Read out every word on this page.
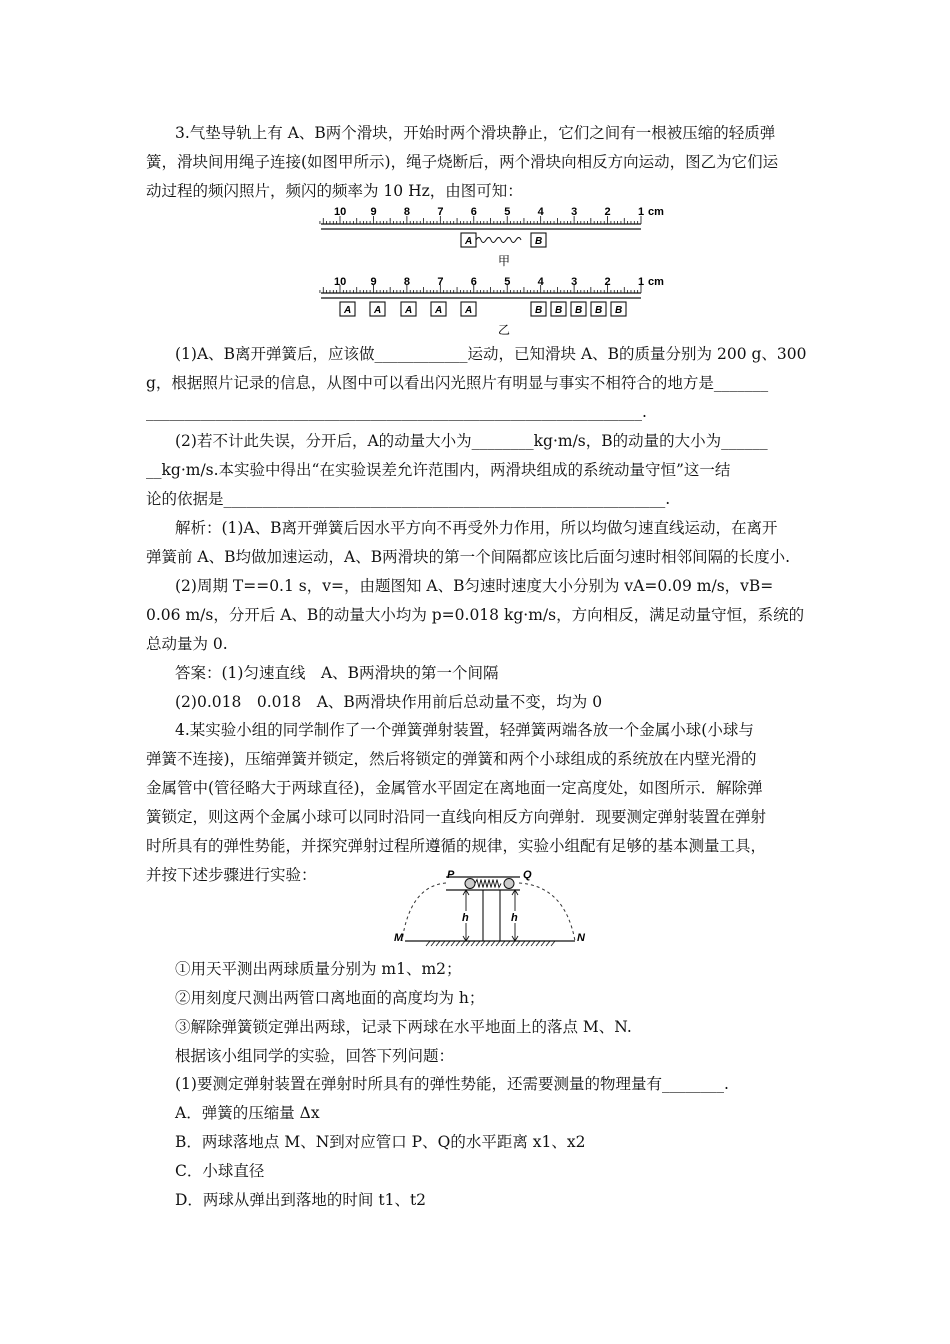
3.气垫导轨上有 A、B两个滑块，开始时两个滑块静止，它们之间有一根被压缩的轻质弹
簧，滑块间用绳子连接(如图甲所示)，绳子烧断后，两个滑块向相反方向运动，图乙为它们运
动过程的频闪照片，频闪的频率为 10 Hz，由图可知：
cm
10 9 8 7 6 5 4 3 2 1
A	B
甲
cm
10 9 8 7 6 5 4 3 2 1
A A A A A	B B B B B
乙
(1)A、B离开弹簧后，应该做____________运动，已知滑块 A、B的质量分别为 200 g、300
g，根据照片记录的信息，从图中可以看出闪光照片有明显与事实不相符合的地方是_______
________________________________________________________________.
(2)若不计此失误，分开后，A的动量大小为________kg·m/s，B的动量的大小为______
__kg·m/s.本实验中得出“在实验误差允许范围内，两滑块组成的系统动量守恒”这一结
论的依据是_________________________________________________________.
解析：(1)A、B离开弹簧后因水平方向不再受外力作用，所以均做匀速直线运动，在离开
弹簧前 A、B均做加速运动，A、B两滑块的第一个间隔都应该比后面匀速时相邻间隔的长度小.
(2)周期 T==0.1 s，v=，由题图知 A、B匀速时速度大小分别为 vA=0.09 m/s，vB=
0.06 m/s，分开后 A、B的动量大小均为 p=0.018 kg·m/s，方向相反，满足动量守恒，系统的
总动量为 0.
答案：(1)匀速直线　A、B两滑块的第一个间隔
(2)0.018　0.018　A、B两滑块作用前后总动量不变，均为 0
4.某实验小组的同学制作了一个弹簧弹射装置，轻弹簧两端各放一个金属小球(小球与
弹簧不连接)，压缩弹簧并锁定，然后将锁定的弹簧和两个小球组成的系统放在内壁光滑的
金属管中(管径略大于两球直径)，金属管水平固定在离地面一定高度处，如图所示．解除弹
簧锁定，则这两个金属小球可以同时沿同一直线向相反方向弹射．现要测定弹射装置在弹射
时所具有的弹性势能，并探究弹射过程所遵循的规律，实验小组配有足够的基本测量工具，
并按下述步骤进行实验：	P	Q
h	h
M	N
①用天平测出两球质量分别为 m1、m2；
②用刻度尺测出两管口离地面的高度均为 h；
③解除弹簧锁定弹出两球，记录下两球在水平地面上的落点 M、N.
根据该小组同学的实验，回答下列问题：
(1)要测定弹射装置在弹射时所具有的弹性势能，还需要测量的物理量有________.
A．弹簧的压缩量 Δx
B．两球落地点 M、N到对应管口 P、Q的水平距离 x1、x2
C．小球直径
D．两球从弹出到落地的时间 t1、t2
